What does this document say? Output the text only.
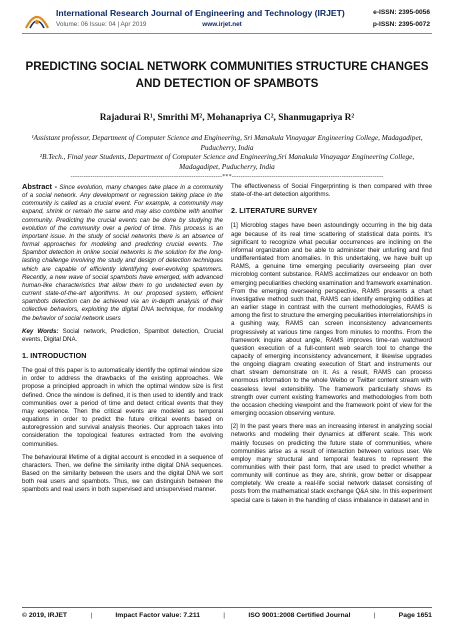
International Research Journal of Engineering and Technology (IRJET)
Volume: 06 Issue: 04 | Apr 2019	www.irjet.net
e-ISSN: 2395-0056
p-ISSN: 2395-0072
PREDICTING SOCIAL NETWORK COMMUNITIES STRUCTURE CHANGES AND DETECTION OF SPAMBOTS
Rajadurai R¹, Smrithi M², Mohanapriya C², Shanmugapriya R²
¹Assistant professor, Department of Computer Science and Engineering, Sri Manakula Vinayagar Engineering College, Madagadipet, Puducherry, India
²B.Tech., Final year Students, Department of Computer Science and Engineering,Sri Manakula Vinayagar Engineering College, Madagadipet, Puducherry, India
---------------------------------------------------------------------***---------------------------------------------------------------------

Abstract - Since evolution, many changes take place in a community of a social network. Any development or regression taking place in the community is called as a crucial event. For example, a community may expand, shrink or remain the same and may also combine with another community. Predicting the crucial events can be done by studying the evolution of the community over a period of time. This process is an important issue. In the study of social networks there is an absence of formal approaches for modeling and predicting crucial events. The Spambot detection in online social networks is the solution for the long-lasting challenge involving the study and design of detection techniques which are capable of efficiently identifying ever-evolving spammers. Recently, a new wave of social spambots have emerged, with advanced human-like characteristics that allow them to go undetected even by current state-of-the-art algorithms. In our proposed system, efficient spambots detection can be achieved via an in-depth analysis of their collective behaviors, exploiting the digital DNA technique, for modeling the behavior of social network users

Key Words: Social network, Prediction, Spambot detection, Crucial events, Digital DNA.

1. INTRODUCTION

The goal of this paper is to automatically identify the optimal window size in order to address the drawbacks of the existing approaches. We propose a principled approach in which the optimal window size is first defined. Once the window is defined, it is then used to identify and track communities over a period of time and detect critical events that they may experience. Then the critical events are modeled as temporal equations in order to predict the future critical events based on autoregression and survival analysis theories. Our approach takes into consideration the topological features extracted from the evolving communities.

The behavioural lifetime of a digital account is encoded in a sequence of characters. Then, we define the similarity inthe digital DNA sequences. Based on the similarity between the users and the digital DNA we sort both real users and spambots. Thus, we can distinguish between the spambots and real users in both supervised and unsupervised manner.

The effectiveness of Social Fingerprinting is then compared with three state-of-the-art detection algorithms.

2. LITERATURE SURVEY

[1] Microblog stages have been astoundingly occurring in the big data age because of its real time scattering of statistical data points. It's significant to recognize what peculiar occurrences are inclining on the informal organization and be able to administer their unfurling and find undifferentiated from anomalies. In this undertaking, we have built up RAMS, a genuine time emerging peculiarity overseeing plan over microblog content substance. RAMS acclimatizes our endeavor on both emerging peculiarities checking examination and framework examination. From the emerging overseeing perspective, RAMS presents a chart investigative method such that, RAMS can identify emerging oddities at an earlier stage in contrast with the current methodologies, RAMS is among the first to structure the emerging peculiarities interrelationships in a gushing way, RAMS can screen inconsistency advancements progressively at various time ranges from minutes to months. From the framework inquire about angle, RAMS improves time-ran watchword question execution of a full-content web search tool to change the capacity of emerging inconsistency advancement, it likewise upgrades the ongoing diagram creating execution of Start and instruments our chart stream demonstrate on it. As a result, RAMS can process enormous information to the whole Weibo or Twitter content stream with ceaseless level extensibility. The framework particularly shows its strength over current existing frameworks and methodologies from both the occasion checking viewpoint and the framework point of view for the emerging occasion observing venture.

[2] In the past years there was an increasing interest in analyzing social networks and modeling their dynamics at different scale. This work mainly focuses on predicting the future state of communities, where communities arise as a result of interaction between various user. We employ many structural and temporal features to represent the communities with their past form, that are used to predict whether a community will continue as they are, shrink, grow better or disappear completely. We create a real-life social network dataset consisting of posts from the mathematical stack exchange Q&A site. In this experiment special care is taken in the handling of class imbalance in dataset and in

© 2019, IRJET	|	Impact Factor value: 7.211	|	ISO 9001:2008 Certified Journal	|	Page 1651
